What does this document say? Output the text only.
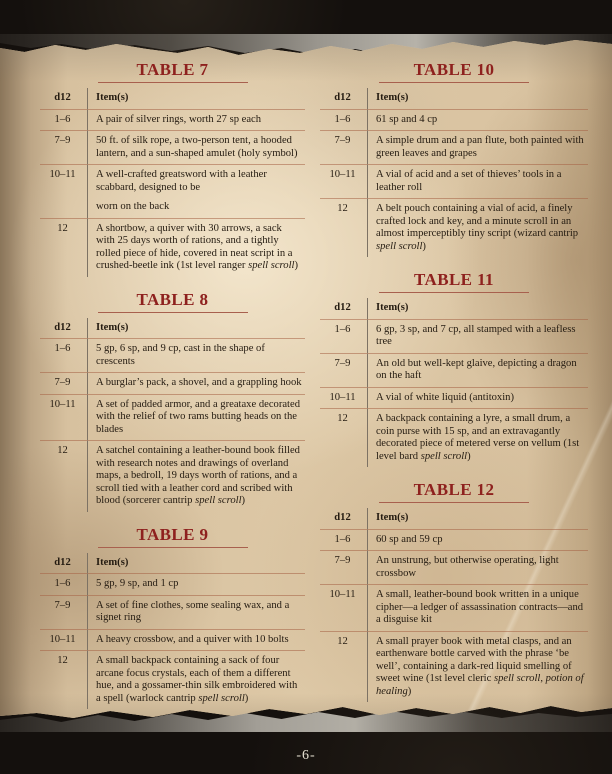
TABLE 7
d12	Item(s)
1–6	A pair of silver rings, worth 27 sp each

7–9	50 ft. of silk rope, a two-person tent, a hooded lantern, and a sun-shaped amulet (holy symbol)

10–11	A well-crafted greatsword with a leather scabbard, designed to be

worn on the back

12	A shortbow, a quiver with 30 arrows, a sack with 25 days worth of rations, and a tightly rolled piece of hide, covered in neat script in a crushed-beetle ink (1st level ranger spell scroll)

TABLE 8
d12	Item(s)
1–6	5 gp, 6 sp, and 9 cp, cast in the shape of crescents

7–9	A burglar’s pack, a shovel, and a grappling hook

10–11	A set of padded armor, and a greataxe decorated with the relief of two rams butting heads on the blades

12	A satchel containing a leather-bound book filled with research notes and drawings of overland maps, a bedroll, 19 days worth of rations, and a scroll tied with a leather cord and scribed with blood (sorcerer cantrip spell scroll)

TABLE 9
d12	Item(s)
1–6	5 gp, 9 sp, and 1 cp

7–9	A set of fine clothes, some sealing wax, and a signet ring

10–11	A heavy crossbow, and a quiver with 10 bolts

12	A small backpack containing a sack of four arcane focus crystals, each of them a different hue, and a gossamer-thin silk embroidered with a spell (warlock cantrip spell scroll)

TABLE 10
d12	Item(s)
1–6	61 sp and 4 cp

7–9	A simple drum and a pan flute, both painted with green leaves and grapes

10–11	A vial of acid and a set of thieves’ tools in a leather roll

12	A belt pouch containing a vial of acid, a finely crafted lock and key, and a minute scroll in an almost imperceptibly tiny script (wizard cantrip spell scroll)

TABLE 11
d12	Item(s)
1–6	6 gp, 3 sp, and 7 cp, all stamped with a leafless tree

7–9	An old but well-kept glaive, depicting a dragon on the haft

10–11	A vial of white liquid (antitoxin)

12	A backpack containing a lyre, a small drum, a coin purse with 15 sp, and an extravagantly decorated piece of metered verse on vellum (1st level bard spell scroll)

TABLE 12
d12	Item(s)
1–6	60 sp and 59 cp

7–9	An unstrung, but otherwise operating, light crossbow

10–11	A small, leather-bound book written in a unique cipher—a ledger of assassination contracts—and a disguise kit

12	A small prayer book with metal clasps, and an earthenware bottle carved with the phrase ‘be well’, containing a dark-red liquid smelling of sweet wine (1st level cleric spell scroll, potion of healing)

-6-
